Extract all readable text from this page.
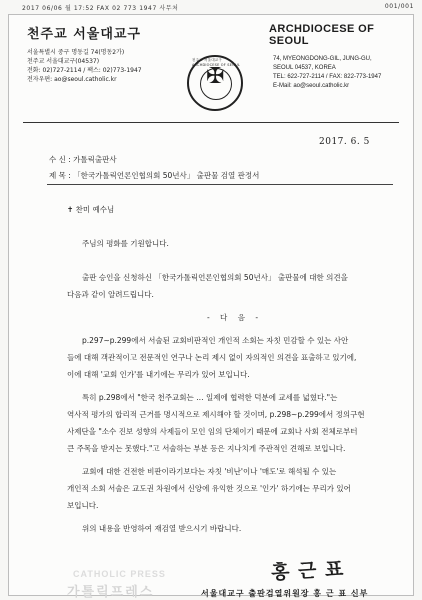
2017 06/06 월 17:52 FAX 02 773 1947 사무처	001/001
천주교 서울대교구
서울특별시 중구 명동길 74(명동2가)
천주교 서울대교구(04537)
전화: 02)727-2114 / 팩스: 02)773-1947
전자우편: ao@seoul.catholic.kr
천주교 서울대교구 ARCHDIOCESE OF SEOUL
✠
ARCHDIOCESE OF SEOUL
74, MYEONGDONG-GIL, JUNG-GU,
SEOUL 04537, KOREA
TEL: 622-727-2114 / FAX: 822-773-1947
E-Mail: ao@seoul.catholic.kr
2017. 6. 5
수 신 : 가톨릭출판사
제 목 : 「한국가톨릭언론인협의회 50년사」 출판물 검열 판정서

✝ 찬미 예수님

주님의 평화를 기원합니다.

출판 승인을 신청하신 「한국가톨릭언론인협의회 50년사」 출판물에 대한 의견을

다음과 같이 알려드립니다.

- 다 음 -

p.297~p.299에서 서술된 교회비판적인 개인적 소회는 자칫 민감할 수 있는 사안

들에 대해 객관적이고 전문적인 연구나 논리 제시 없이 자의적인 의견을 표출하고 있기에,

이에 대해 '교회 인가'를 내기에는 무리가 있어 보입니다.

특히 p.298에서 "한국 천주교회는 … 일제에 협력한 덕분에 교세를 넓혔다."는

역사적 평가의 합리적 근거를 명시적으로 제시해야 할 것이며, p.298~p.299에서 정의구현

사제단을 "소수 진보 성향의 사제들이 모인 임의 단체이기 때문에 교회나 사회 전체로부터

큰 주목을 받지는 못했다."고 서술하는 부분 등은 지나치게 주관적인 견해로 보입니다.

교회에 대한 건전한 비판이라기보다는 자칫 '비난'이나 '매도'로 해석될 수 있는

개인적 소회 서술은 교도권 차원에서 신앙에 유익한 것으로 '인가' 하기에는 무리가 있어

보입니다.

위의 내용을 반영하여 재검열 받으시기 바랍니다.

CATHOLIC PRESS
가톨릭프레스
홍 근 표
서울대교구 출판검열위원장 홍 근 표 신부
